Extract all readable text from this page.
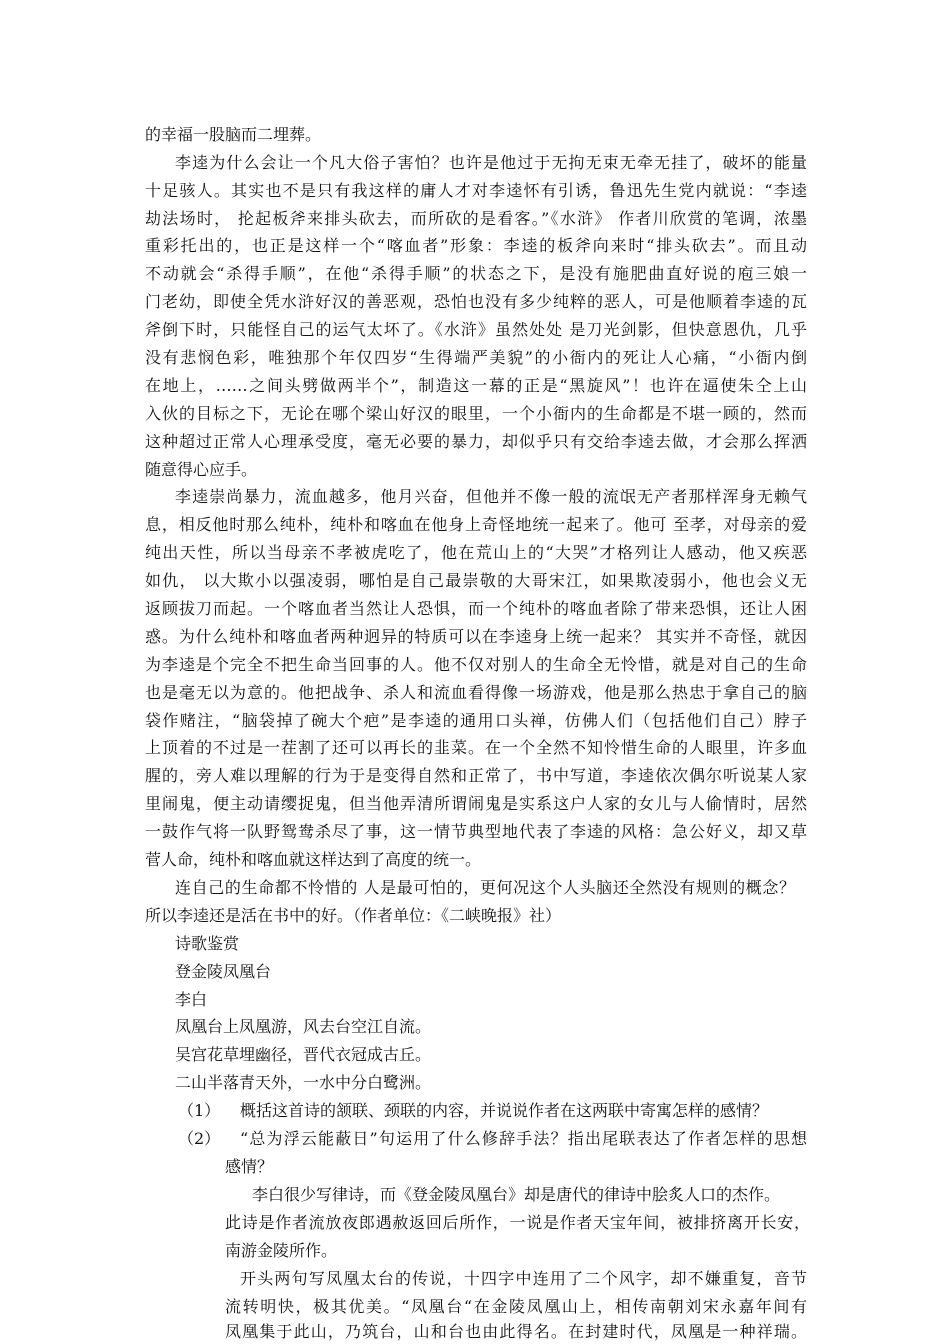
的幸福一股脑而二埋葬。
李逵为什么会让一个凡大俗子害怕？也许是他过于无拘无束无牵无挂了，破坏的能量
十足骇人。其实也不是只有我这样的庸人才对李逵怀有引诱，鲁迅先生党内就说：“李逵
劫法场时， 抡起板斧来排头砍去，而所砍的是看客。”《水浒》 作者川欣赏的笔调，浓墨
重彩托出的，也正是这样一个“喀血者”形象：李逵的板斧向来时“排头砍去”。而且动
不动就会“杀得手顺”，在他“杀得手顺”的状态之下，是没有施肥曲直好说的庖三娘一
门老幼，即使全凭水浒好汉的善恶观，恐怕也没有多少纯粹的恶人，可是他顺着李逵的瓦
斧倒下时，只能怪自己的运气太坏了。《水浒》虽然处处 是刀光剑影，但快意恩仇，几乎
没有悲悯色彩，唯独那个年仅四岁“生得端严美貌”的小衙内的死让人心痛，“小衙内倒
在地上，……之间头劈做两半个”，制造这一幕的正是“黑旋风”！也许在逼使朱仝上山
入伙的目标之下，无论在哪个梁山好汉的眼里，一个小衙内的生命都是不堪一顾的，然而
这种超过正常人心理承受度，毫无必要的暴力，却似乎只有交给李逵去做，才会那么挥洒
随意得心应手。
李逵崇尚暴力，流血越多，他月兴奋，但他并不像一般的流氓无产者那样浑身无赖气
息，相反他时那么纯朴，纯朴和喀血在他身上奇怪地统一起来了。他可 至孝，对母亲的爱
纯出天性，所以当母亲不孝被虎吃了，他在荒山上的“大哭”才格列让人感动，他又疾恶
如仇， 以大欺小以强凌弱，哪怕是自己最崇敬的大哥宋江，如果欺凌弱小，他也会义无
返顾拔刀而起。一个喀血者当然让人恐惧，而一个纯朴的喀血者除了带来恐惧，还让人困
惑。为什么纯朴和喀血者两种迥异的特质可以在李逵身上统一起来？ 其实并不奇怪，就因
为李逵是个完全不把生命当回事的人。他不仅对别人的生命全无怜惜，就是对自己的生命
也是毫无以为意的。他把战争、杀人和流血看得像一场游戏，他是那么热忠于拿自己的脑
袋作赌注，“脑袋掉了碗大个疤”是李逵的通用口头禅，仿佛人们（包括他们自己）脖子
上顶着的不过是一茬割了还可以再长的韭菜。在一个全然不知怜惜生命的人眼里，许多血
腥的，旁人难以理解的行为于是变得自然和正常了，书中写道，李逵依次偶尔听说某人家
里闹鬼，便主动请缨捉鬼，但当他弄清所谓闹鬼是实系这户人家的女儿与人偷情时，居然
一鼓作气将一队野鸳鸯杀尽了事，这一情节典型地代表了李逵的风格：急公好义，却又草
菅人命，纯朴和喀血就这样达到了高度的统一。
连自己的生命都不怜惜的 人是最可怕的，更何况这个人头脑还全然没有规则的概念？
所以李逵还是活在书中的好。（作者单位：《二峡晚报》社）
诗歌鉴赏
登金陵凤凰台
李白
凤凰台上凤凰游，风去台空江自流。
吴宫花草埋幽径，晋代衣冠成古丘。
二山半落青天外，一水中分白鹭洲。
（1） 概括这首诗的颔联、颈联的内容，并说说作者在这两联中寄寓怎样的感情？
（2） “总为浮云能蔽日”句运用了什么修辞手法？指出尾联表达了作者怎样的思想
感情？
李白很少写律诗，而《登金陵凤凰台》却是唐代的律诗中脍炙人口的杰作。
此诗是作者流放夜郎遇赦返回后所作，一说是作者天宝年间，被排挤离开长安，
南游金陵所作。
开头两句写凤凰太台的传说，十四字中连用了二个风字，却不嫌重复，音节
流转明快，极其优美。“凤凰台“在金陵凤凰山上，相传南朝刘宋永嘉年间有
凤凰集于此山，乃筑台，山和台也由此得名。在封建时代，凤凰是一种祥瑞。
